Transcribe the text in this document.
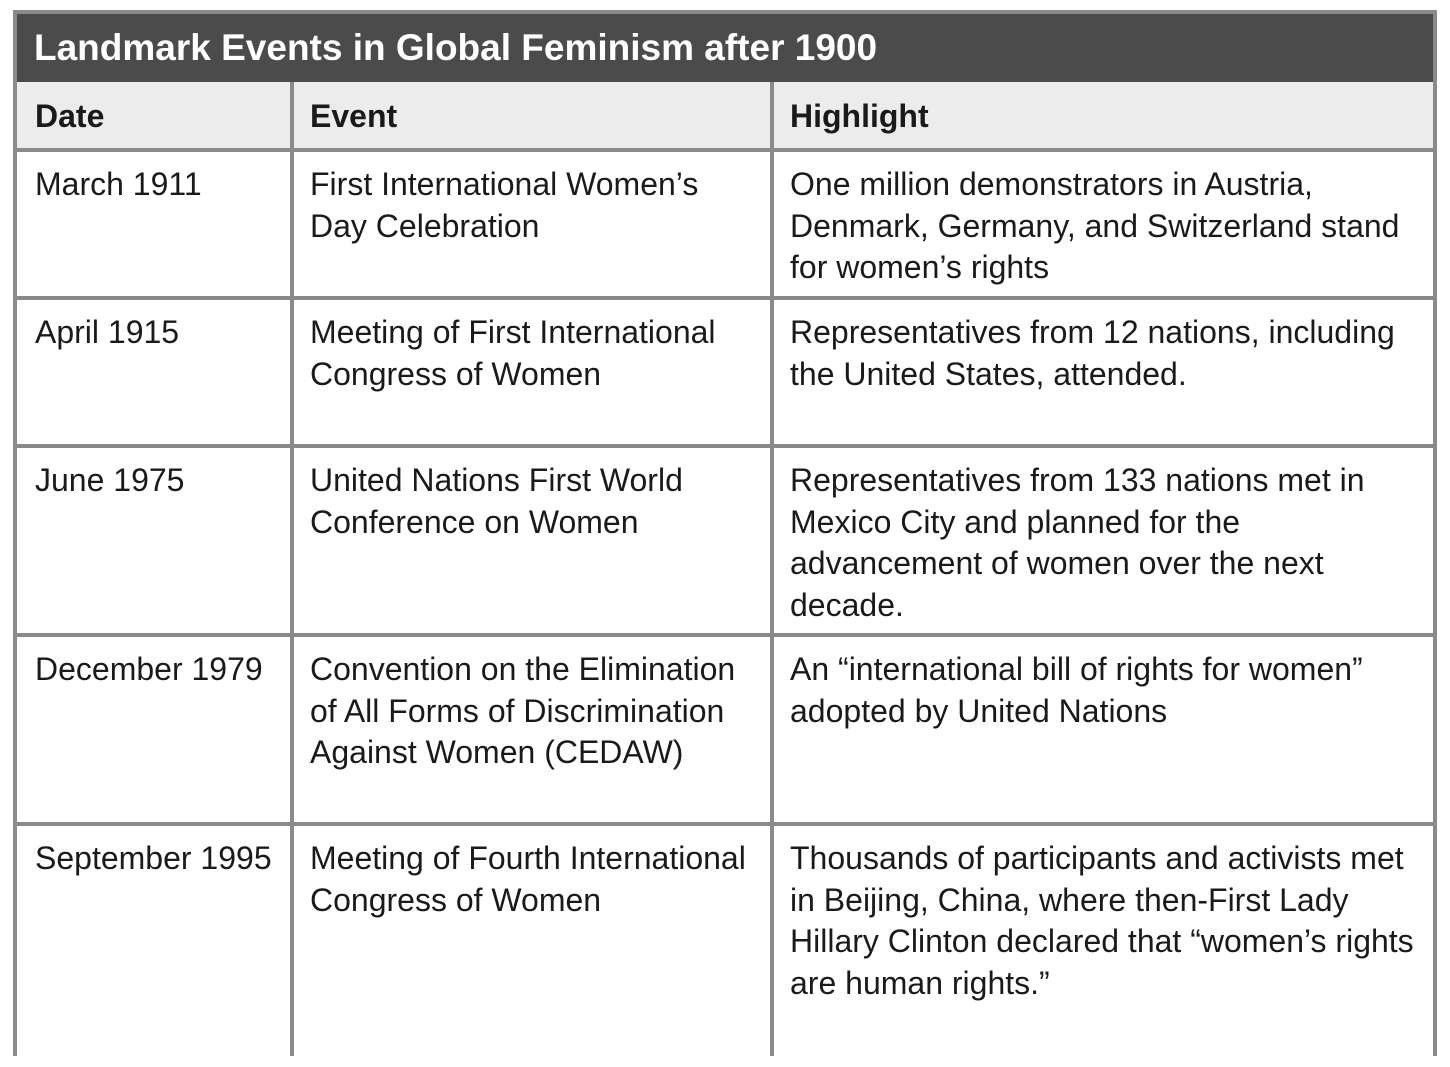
Landmark Events in Global Feminism after 1900
Date	Event	Highlight
March 1911	First International Women’s Day Celebration	One million demonstrators in Austria, Denmark, Germany, and Switzerland stand for women’s rights
April 1915	Meeting of First International Congress of Women	Representatives from 12 nations, including the United States, attended.
June 1975	United Nations First World Conference on Women	Representatives from 133 nations met in Mexico City and planned for the advancement of women over the next decade.
December 1979	Convention on the Elimination of All Forms of Discrimination Against Women (CEDAW)	An “international bill of rights for women” adopted by United Nations
September 1995	Meeting of Fourth International Congress of Women	Thousands of participants and activists met in Beijing, China, where then-First Lady Hillary Clinton declared that “women’s rights are human rights.”
